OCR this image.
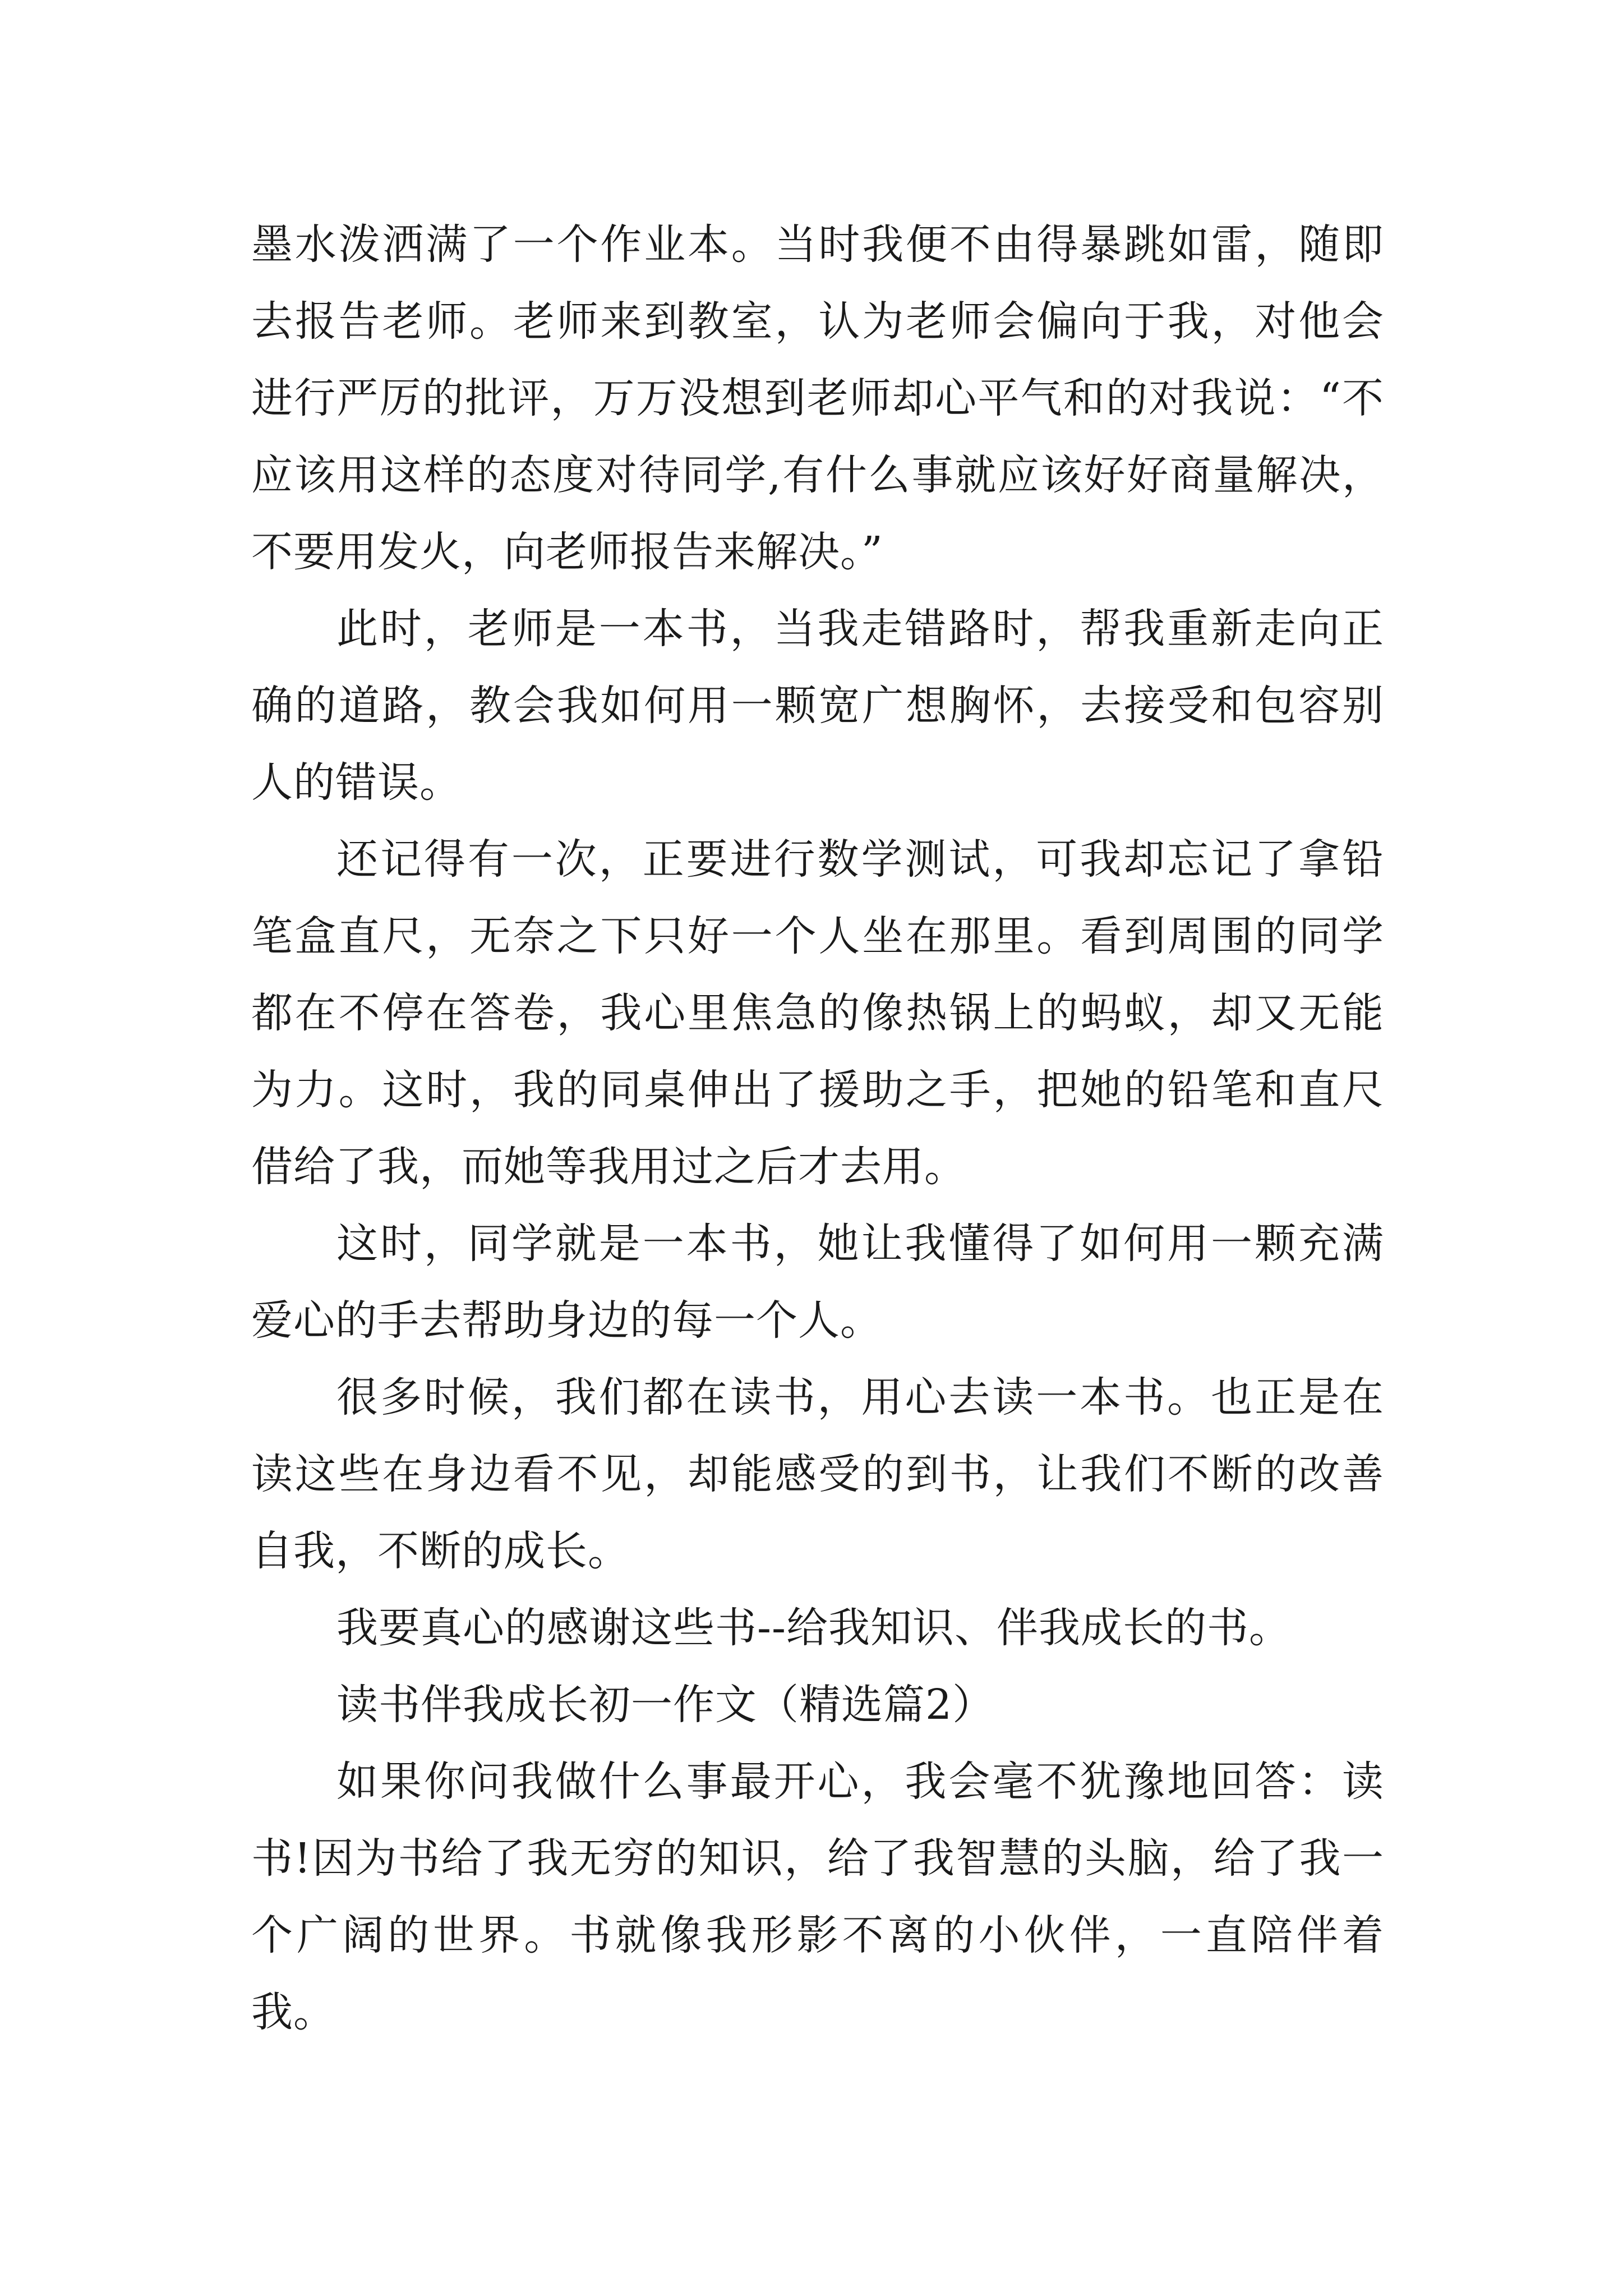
墨水泼洒满了一个作业本。当时我便不由得暴跳如雷，随即去报告老师。老师来到教室，认为老师会偏向于我，对他会进行严厉的批评，万万没想到老师却心平气和的对我说：“不应该用这样的态度对待同学,有什么事就应该好好商量解决，不要用发火，向老师报告来解决。”

此时，老师是一本书，当我走错路时，帮我重新走向正确的道路，教会我如何用一颗宽广想胸怀，去接受和包容别人的错误。

还记得有一次，正要进行数学测试，可我却忘记了拿铅笔盒直尺，无奈之下只好一个人坐在那里。看到周围的同学都在不停在答卷，我心里焦急的像热锅上的蚂蚁，却又无能为力。这时，我的同桌伸出了援助之手，把她的铅笔和直尺借给了我，而她等我用过之后才去用。

这时，同学就是一本书，她让我懂得了如何用一颗充满爱心的手去帮助身边的每一个人。

很多时候，我们都在读书，用心去读一本书。也正是在读这些在身边看不见，却能感受的到书，让我们不断的改善自我，不断的成长。

我要真心的感谢这些书--给我知识、伴我成长的书。

读书伴我成长初一作文（精选篇2）

如果你问我做什么事最开心，我会毫不犹豫地回答：读书!因为书给了我无穷的知识，给了我智慧的头脑，给了我一个广阔的世界。书就像我形影不离的小伙伴，一直陪伴着我。
